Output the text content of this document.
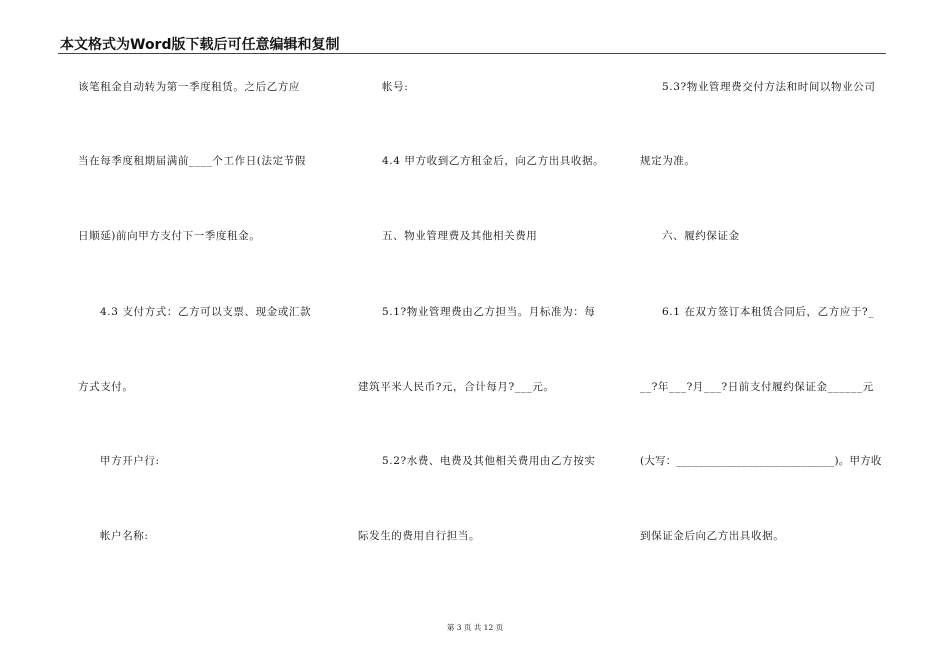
本文格式为Word版下载后可任意编辑和复制
该笔租金自动转为第一季度租赁。之后乙方应
当在每季度租期届满前____个工作日(法定节假
日顺延)前向甲方支付下一季度租金。
4.3 支付方式：乙方可以支票、现金或汇款
方式支付。
甲方开户行:
帐户名称:
帐号:
4.4 甲方收到乙方租金后，向乙方出具收据。
五、物业管理费及其他相关费用
5.1?物业管理费由乙方担当。月标准为：每
建筑平米人民币?元，合计每月?___元。
5.2?水费、电费及其他相关费用由乙方按实
际发生的费用自行担当。
5.3?物业管理费交付方法和时间以物业公司
规定为准。
六、履约保证金
6.1 在双方签订本租赁合同后，乙方应于?_
__?年___?月___?日前支付履约保证金______元
(大写：_____________________________)。甲方收
到保证金后向乙方出具收据。
第 3 页 共 12 页
